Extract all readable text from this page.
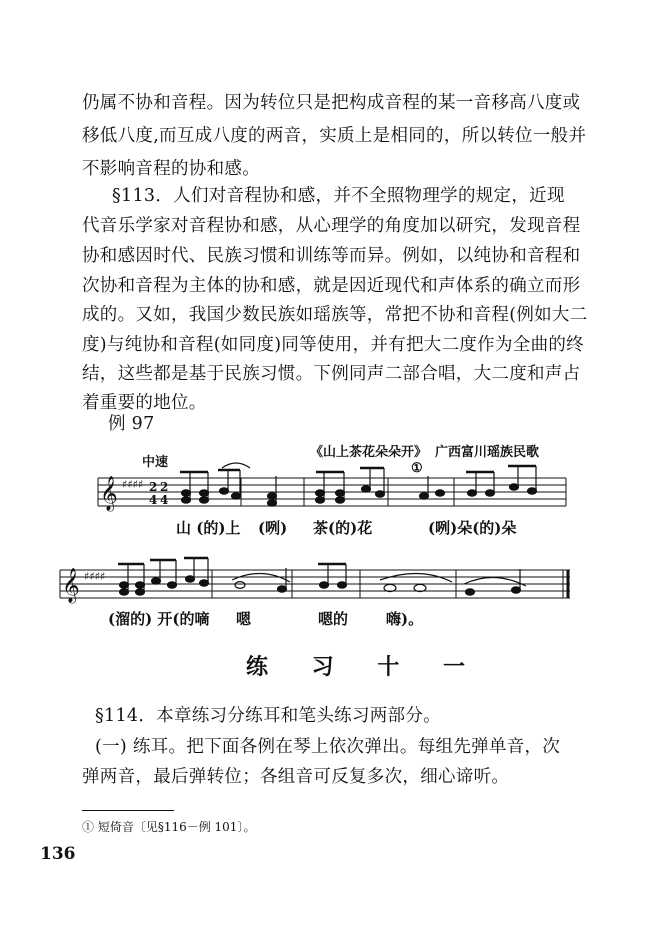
仍属不协和音程。因为转位只是把构成音程的某一音移高八度或
移低八度,而互成八度的两音，实质上是相同的，所以转位一般并
不影响音程的协和感。
§113．人们对音程协和感，并不全照物理学的规定，近现
代音乐学家对音程协和感，从心理学的角度加以研究，发现音程
协和感因时代、民族习惯和训练等而异。例如，以纯协和音程和
次协和音程为主体的协和感，就是因近现代和声体系的确立而形
成的。又如，我国少数民族如瑶族等，常把不协和音程(例如大二
度)与纯协和音程(如同度)同等使用，并有把大二度作为全曲的终
结，这些都是基于民族习惯。下例同声二部合唱，大二度和声占
着重要的地位。
例 97
中速
《山上茶花朵朵开》 广西富川瑶族民歌
①
𝄞 ♯♯♯♯ 2
4
2
4
𝄞 ♯♯♯♯
山 (的)上 (咧) 茶(的)花	(咧)朵(的)朵
(溜的) 开(的嘀 嗯	嗯的	嗨)。
练 习 十 一
§114．本章练习分练耳和笔头练习两部分。
(一) 练耳。把下面各例在琴上依次弹出。每组先弹单音，次
弹两音，最后弹转位；各组音可反复多次，细心谛听。
① 短倚音〔见§116－例 101〕。
136
